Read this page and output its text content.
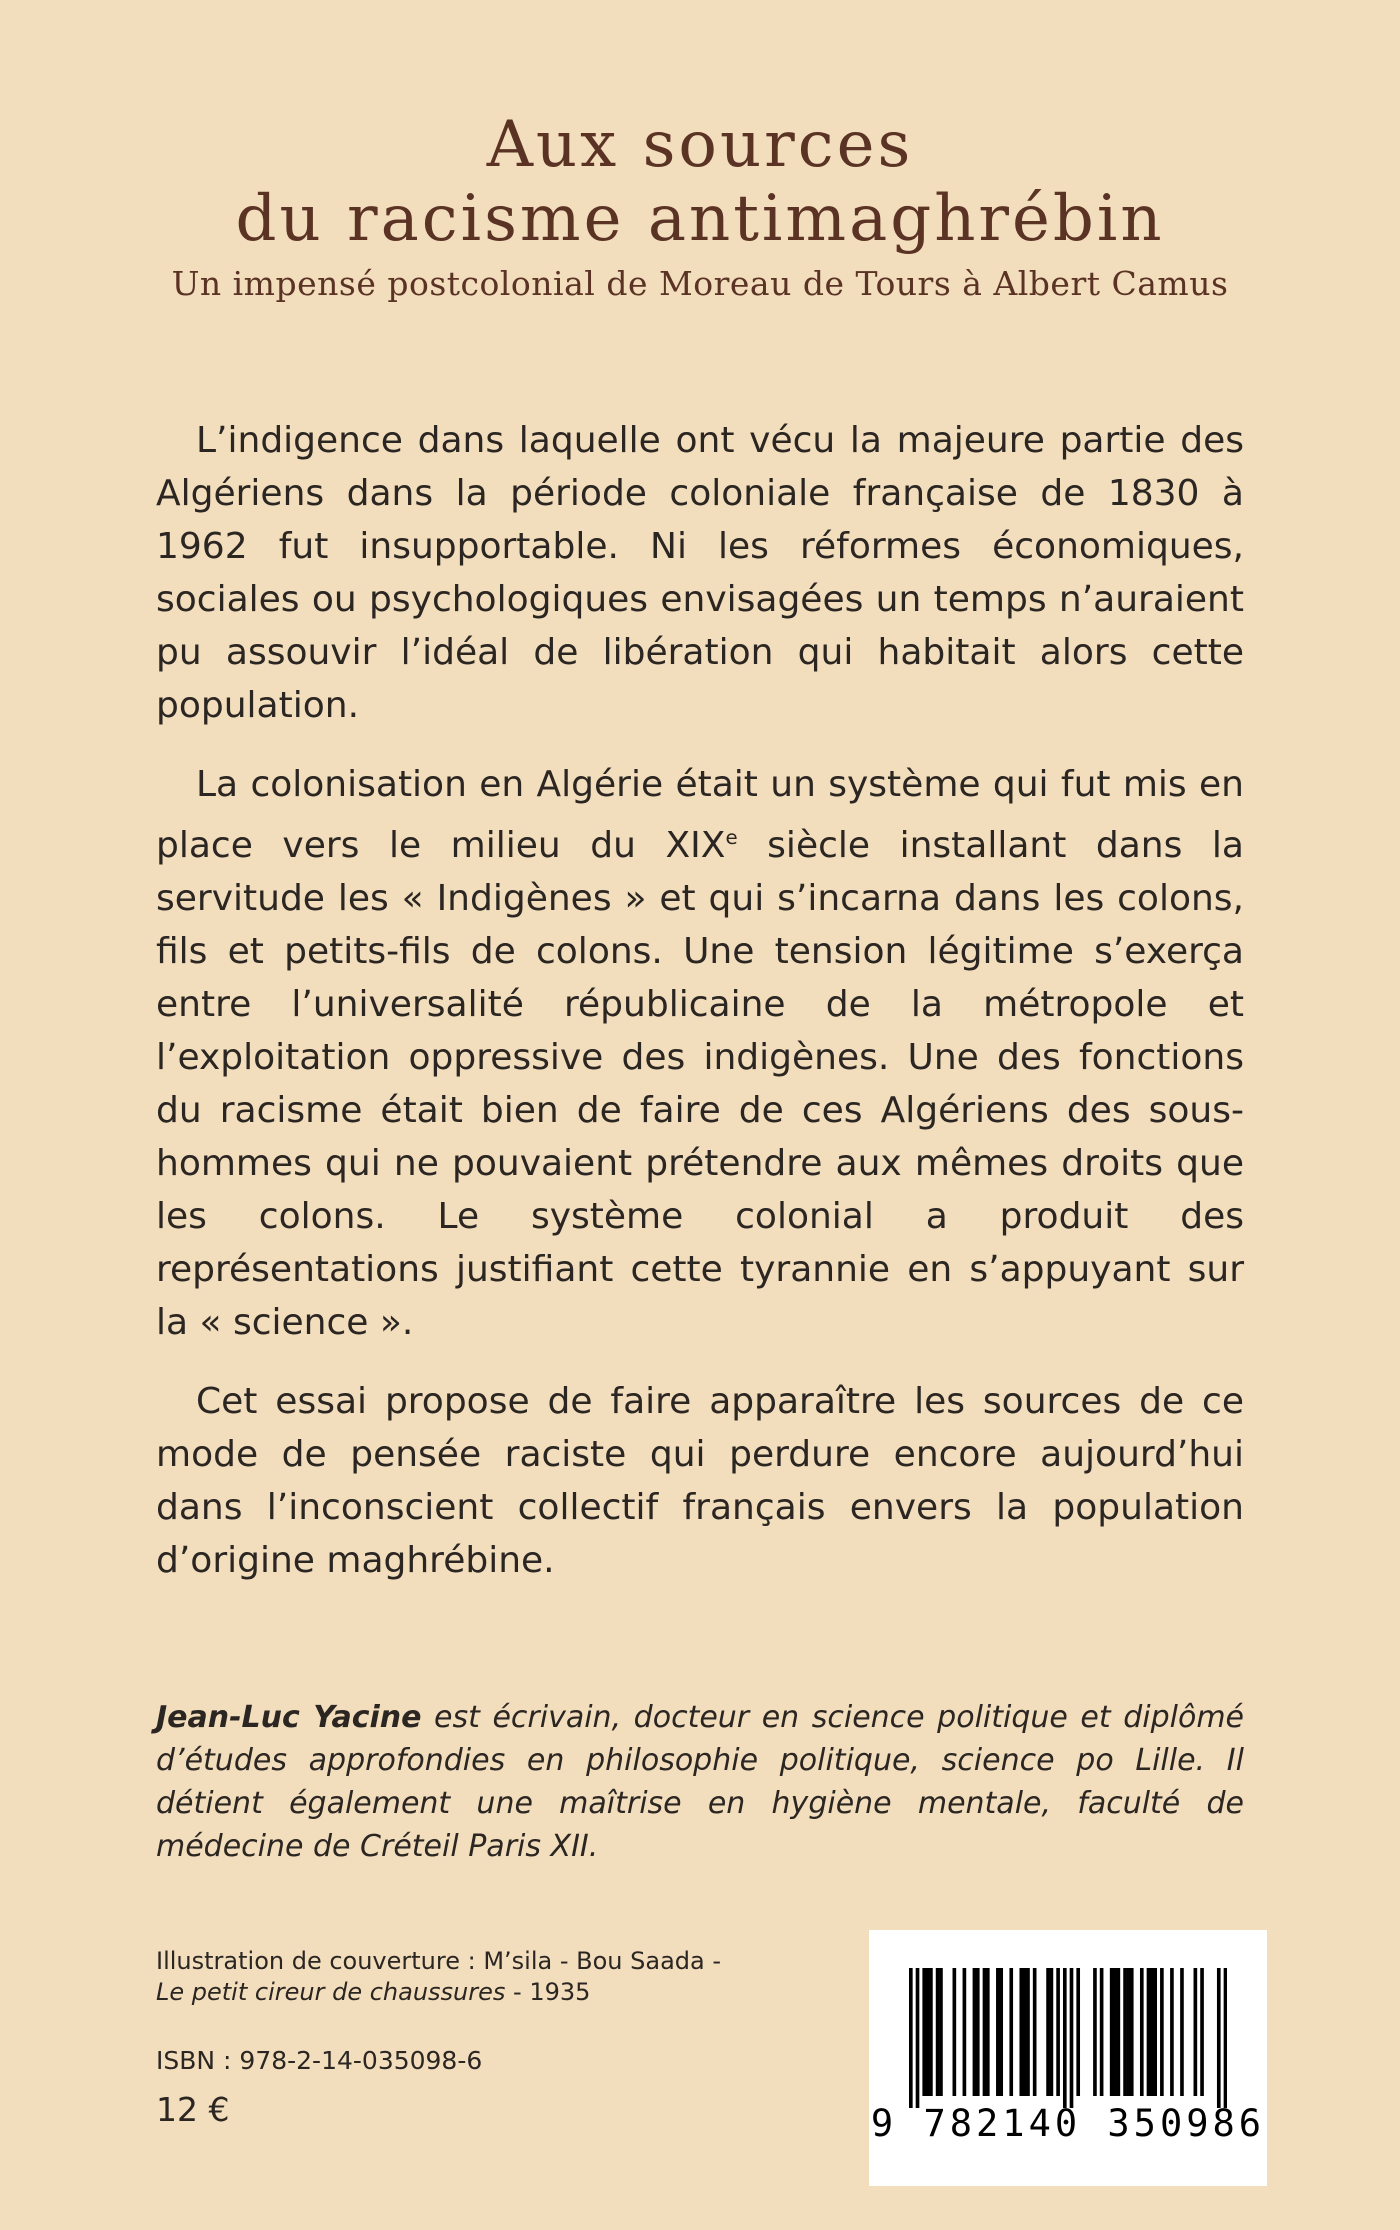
Aux sources
du racisme antimaghrébin
Un impensé postcolonial de Moreau de Tours à Albert Camus

L’indigence dans laquelle ont vécu la majeure partie des Algériens dans la période coloniale française de 1830 à 1962 fut insupportable. Ni les réformes économiques, sociales ou psychologiques envisagées un temps n’auraient pu assouvir l’idéal de libération qui habitait alors cette population.

La colonisation en Algérie était un système qui fut mis en place vers le milieu du XIXe siècle installant dans la servitude les « Indigènes » et qui s’incarna dans les colons, fils et petits-fils de colons. Une tension légitime s’exerça entre l’universalité républicaine de la métropole et l’exploitation oppressive des indigènes. Une des fonctions du racisme était bien de faire de ces Algériens des sous-hommes qui ne pouvaient prétendre aux mêmes droits que les colons. Le système colonial a produit des représentations justifiant cette tyrannie en s’appuyant sur la « science ».

Cet essai propose de faire apparaître les sources de ce mode de pensée raciste qui perdure encore aujourd’hui dans l’inconscient collectif français envers la population d’origine maghrébine.

Jean-Luc Yacine est écrivain, docteur en science politique et diplômé d’études approfondies en philosophie politique, science po Lille. Il détient également une maîtrise en hygiène mentale, faculté de médecine de Créteil Paris XII.
Illustration de couverture : M’sila - Bou Saada -
Le petit cireur de chaussures - 1935
ISBN : 978-2-14-035098-6
12 €	9 782140 350986
